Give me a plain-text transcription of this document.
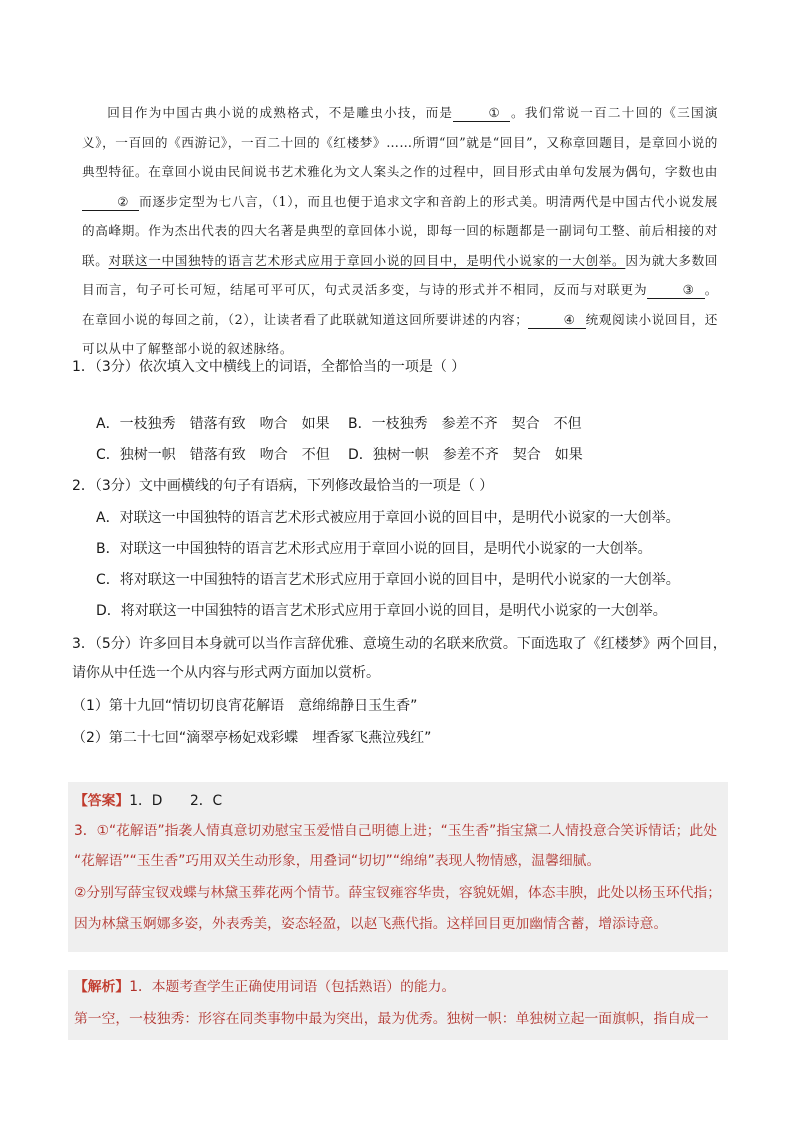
回目作为中国古典小说的成熟格式，不是雕虫小技，而是	① 。我们常说一百二十回的《三国演义》，一百回的《西游记》，一百二十回的《红楼梦》……所谓“回”就是“回目”，又称章回题目，是章回小说的典型特征。在章回小说由民间说书艺术雅化为文人案头之作的过程中，回目形式由单句发展为偶句，字数也由② 而逐步定型为七八言，（1），而且也便于追求文字和音韵上的形式美。明清两代是中国古代小说发展的高峰期。作为杰出代表的四大名著是典型的章回体小说，即每一回的标题都是一副词句工整、前后相接的对联。对联这一中国独特的语言艺术形式应用于章回小说的回目中，是明代小说家的一大创举。因为就大多数回目而言，句子可长可短，结尾可平可仄，句式灵活多变，与诗的形式并不相同，反而与对联更为	③ 。在章回小说的每回之前，（2），让读者看了此联就知道这回所要讲述的内容；	④ 统观阅读小说回目，还可以从中了解整部小说的叙述脉络。

1．（3分）依次填入文中横线上的词语，全都恰当的一项是（ ）
A．一枝独秀　错落有致　吻合　如果 B．一枝独秀　参差不齐　契合　不但
C．独树一帜　错落有致　吻合　不但 D．独树一帜　参差不齐　契合　如果
2．（3分）文中画横线的句子有语病，下列修改最恰当的一项是（ ）
A．对联这一中国独特的语言艺术形式被应用于章回小说的回目中，是明代小说家的一大创举。
B．对联这一中国独特的语言艺术形式应用于章回小说的回目，是明代小说家的一大创举。
C．将对联这一中国独特的语言艺术形式应用于章回小说的回目中，是明代小说家的一大创举。
D．将对联这一中国独特的语言艺术形式应用于章回小说的回目，是明代小说家的一大创举。
3．（5分）许多回目本身就可以当作言辞优雅、意境生动的名联来欣赏。下面选取了《红楼梦》两个回目，
请你从中任选一个从内容与形式两方面加以赏析。
（1）第十九回“情切切良宵花解语　意绵绵静日玉生香”
（2）第二十七回“滴翠亭杨妃戏彩蝶　埋香冢飞燕泣残红”
【答案】1．D　　2．C
3．①“花解语”指袭人情真意切劝慰宝玉爱惜自己明德上进；“玉生香”指宝黛二人情投意合笑诉情话；此处
“花解语”“玉生香”巧用双关生动形象，用叠词“切切”“绵绵”表现人物情感，温馨细腻。
②分别写薛宝钗戏蝶与林黛玉葬花两个情节。薛宝钗雍容华贵，容貌妩媚，体态丰腴，此处以杨玉环代指；
因为林黛玉婀娜多姿，外表秀美，姿态轻盈，以赵飞燕代指。这样回目更加幽情含蓄，增添诗意。
【解析】1．本题考查学生正确使用词语（包括熟语）的能力。
第一空，一枝独秀：形容在同类事物中最为突出，最为优秀。独树一帜：单独树立起一面旗帜，指自成一
